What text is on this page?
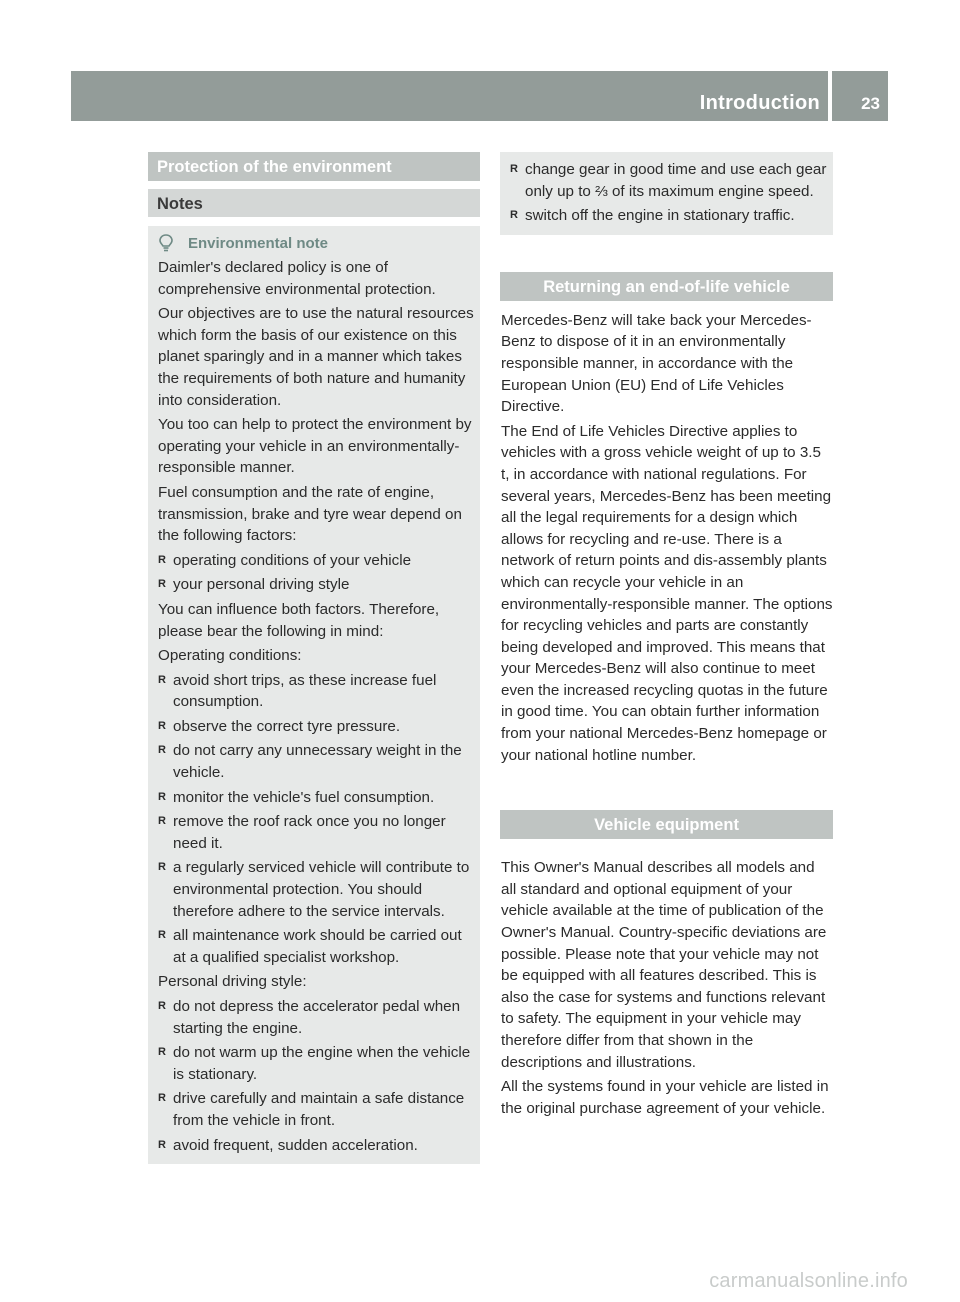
Introduction 23
Protection of the environment
Notes
Environmental note

Daimler's declared policy is one of comprehensive environmental protection.

Our objectives are to use the natural resources which form the basis of our existence on this planet sparingly and in a manner which takes the requirements of both nature and humanity into consideration.

You too can help to protect the environment by operating your vehicle in an environmentally-responsible manner.

Fuel consumption and the rate of engine, transmission, brake and tyre wear depend on the following factors:

R operating conditions of your vehicle
R your personal driving style

You can influence both factors. Therefore, please bear the following in mind:

Operating conditions:

R avoid short trips, as these increase fuel consumption.
R observe the correct tyre pressure.
R do not carry any unnecessary weight in the vehicle.
R monitor the vehicle's fuel consumption.
R remove the roof rack once you no longer need it.
R a regularly serviced vehicle will contribute to environmental protection. You should therefore adhere to the service intervals.
R all maintenance work should be carried out at a qualified specialist workshop.

Personal driving style:

R do not depress the accelerator pedal when starting the engine.
R do not warm up the engine when the vehicle is stationary.
R drive carefully and maintain a safe distance from the vehicle in front.
R avoid frequent, sudden acceleration.
R change gear in good time and use each gear only up to ⅔ of its maximum engine speed.
R switch off the engine in stationary traffic.
Returning an end-of-life vehicle

Mercedes-Benz will take back your Mercedes-Benz to dispose of it in an environmentally responsible manner, in accordance with the European Union (EU) End of Life Vehicles Directive.

The End of Life Vehicles Directive applies to vehicles with a gross vehicle weight of up to 3.5 t, in accordance with national regulations. For several years, Mercedes-Benz has been meeting all the legal requirements for a design which allows for recycling and re-use. There is a network of return points and dis-assembly plants which can recycle your vehicle in an environmentally-responsible manner. The options for recycling vehicles and parts are constantly being developed and improved. This means that your Mercedes-Benz will also continue to meet even the increased recycling quotas in the future in good time. You can obtain further information from your national Mercedes-Benz homepage or your national hotline number.

Vehicle equipment

This Owner's Manual describes all models and all standard and optional equipment of your vehicle available at the time of publication of the Owner's Manual. Country-specific deviations are possible. Please note that your vehicle may not be equipped with all features described. This is also the case for systems and functions relevant to safety. The equipment in your vehicle may therefore differ from that shown in the descriptions and illustrations.

All the systems found in your vehicle are listed in the original purchase agreement of your vehicle.

carmanualsonline.info
